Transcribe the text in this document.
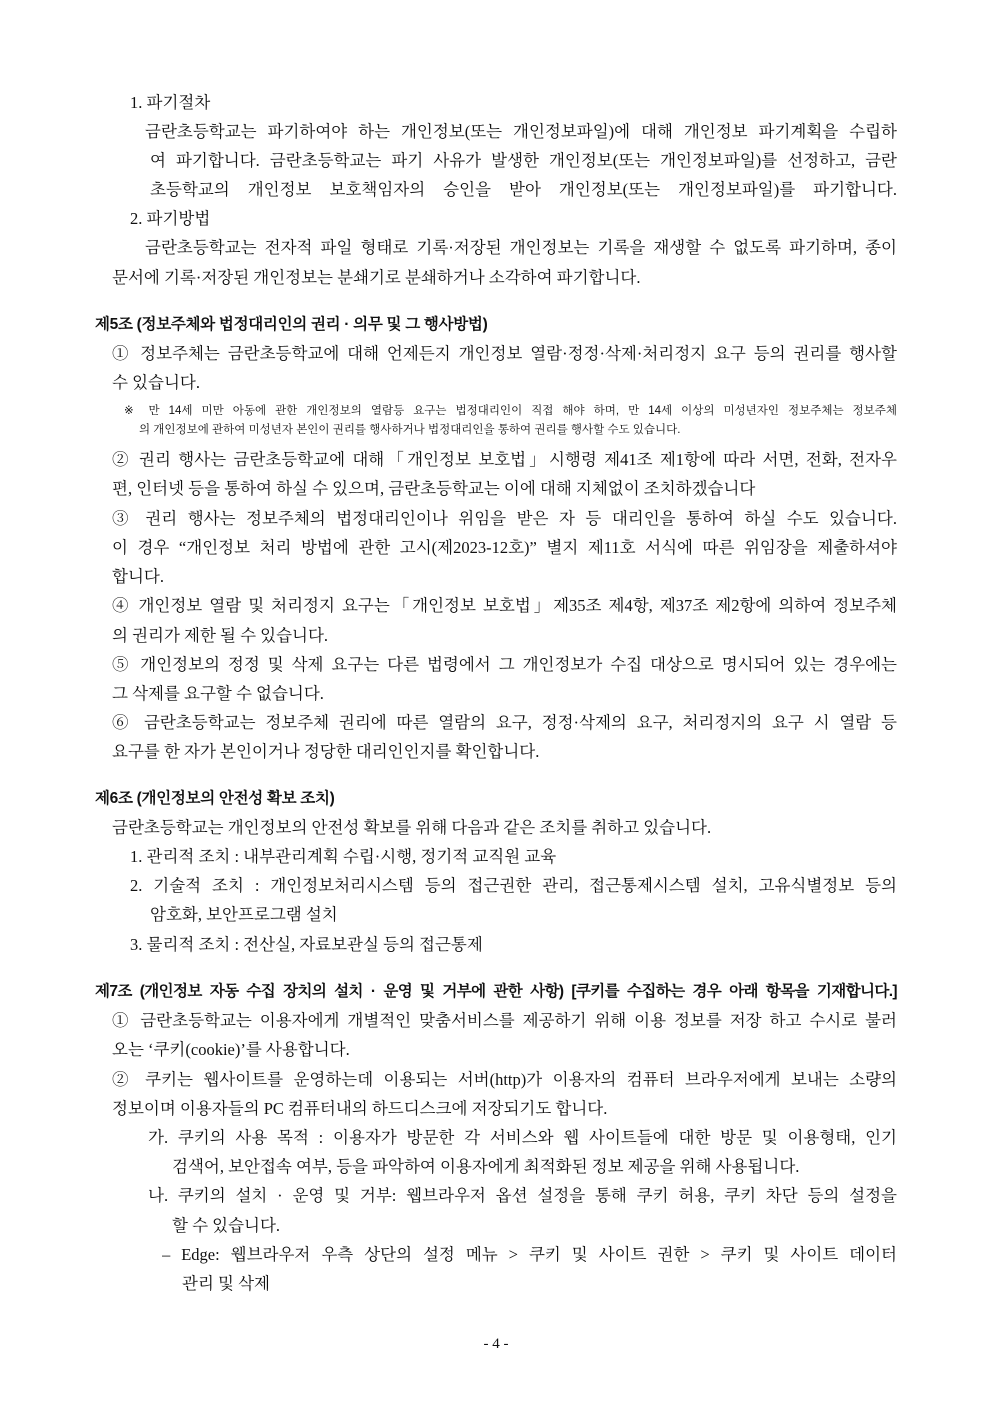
1. 파기절차
금란초등학교는 파기하여야 하는 개인정보(또는 개인정보파일)에 대해 개인정보 파기계획을 수립하
여 파기합니다. 금란초등학교는 파기 사유가 발생한 개인정보(또는 개인정보파일)를 선정하고, 금란
초등학교의 개인정보 보호책임자의 승인을 받아 개인정보(또는 개인정보파일)를 파기합니다.
2. 파기방법
금란초등학교는 전자적 파일 형태로 기록·저장된 개인정보는 기록을 재생할 수 없도록 파기하며, 종이
문서에 기록·저장된 개인정보는 분쇄기로 분쇄하거나 소각하여 파기합니다.
제5조 (정보주체와 법정대리인의 권리 · 의무 및 그 행사방법)
① 정보주체는 금란초등학교에 대해 언제든지 개인정보 열람·정정·삭제·처리정지 요구 등의 권리를 행사할
수 있습니다.
※ 만 14세 미만 아동에 관한 개인정보의 열람등 요구는 법정대리인이 직접 해야 하며, 만 14세 이상의 미성년자인 정보주체는 정보주체
의 개인정보에 관하여 미성년자 본인이 권리를 행사하거나 법정대리인을 통하여 권리를 행사할 수도 있습니다.
② 권리 행사는 금란초등학교에 대해「개인정보 보호법」시행령 제41조 제1항에 따라 서면, 전화, 전자우
편, 인터넷 등을 통하여 하실 수 있으며, 금란초등학교는 이에 대해 지체없이 조치하겠습니다
③ 권리 행사는 정보주체의 법정대리인이나 위임을 받은 자 등 대리인을 통하여 하실 수도 있습니다.
이 경우 “개인정보 처리 방법에 관한 고시(제2023-12호)” 별지 제11호 서식에 따른 위임장을 제출하셔야
합니다.
④ 개인정보 열람 및 처리정지 요구는「개인정보 보호법」제35조 제4항, 제37조 제2항에 의하여 정보주체
의 권리가 제한 될 수 있습니다.
⑤ 개인정보의 정정 및 삭제 요구는 다른 법령에서 그 개인정보가 수집 대상으로 명시되어 있는 경우에는
그 삭제를 요구할 수 없습니다.
⑥ 금란초등학교는 정보주체 권리에 따른 열람의 요구, 정정·삭제의 요구, 처리정지의 요구 시 열람 등
요구를 한 자가 본인이거나 정당한 대리인인지를 확인합니다.
제6조 (개인정보의 안전성 확보 조치)
금란초등학교는 개인정보의 안전성 확보를 위해 다음과 같은 조치를 취하고 있습니다.
1. 관리적 조치 : 내부관리계획 수립·시행, 정기적 교직원 교육
2. 기술적 조치 : 개인정보처리시스템 등의 접근권한 관리, 접근통제시스템 설치, 고유식별정보 등의
암호화, 보안프로그램 설치
3. 물리적 조치 : 전산실, 자료보관실 등의 접근통제
제7조 (개인정보 자동 수집 장치의 설치 · 운영 및 거부에 관한 사항) [쿠키를 수집하는 경우 아래 항목을 기재합니다.]
① 금란초등학교는 이용자에게 개별적인 맞춤서비스를 제공하기 위해 이용 정보를 저장 하고 수시로 불러
오는 ‘쿠키(cookie)’를 사용합니다.
② 쿠키는 웹사이트를 운영하는데 이용되는 서버(http)가 이용자의 컴퓨터 브라우저에게 보내는 소량의
정보이며 이용자들의 PC 컴퓨터내의 하드디스크에 저장되기도 합니다.
가. 쿠키의 사용 목적 : 이용자가 방문한 각 서비스와 웹 사이트들에 대한 방문 및 이용형태, 인기
검색어, 보안접속 여부, 등을 파악하여 이용자에게 최적화된 정보 제공을 위해 사용됩니다.
나. 쿠키의 설치 · 운영 및 거부: 웹브라우저 옵션 설정을 통해 쿠키 허용, 쿠키 차단 등의 설정을
할 수 있습니다.
– Edge: 웹브라우저 우측 상단의 설정 메뉴 > 쿠키 및 사이트 권한 > 쿠키 및 사이트 데이터
관리 및 삭제
- 4 -
